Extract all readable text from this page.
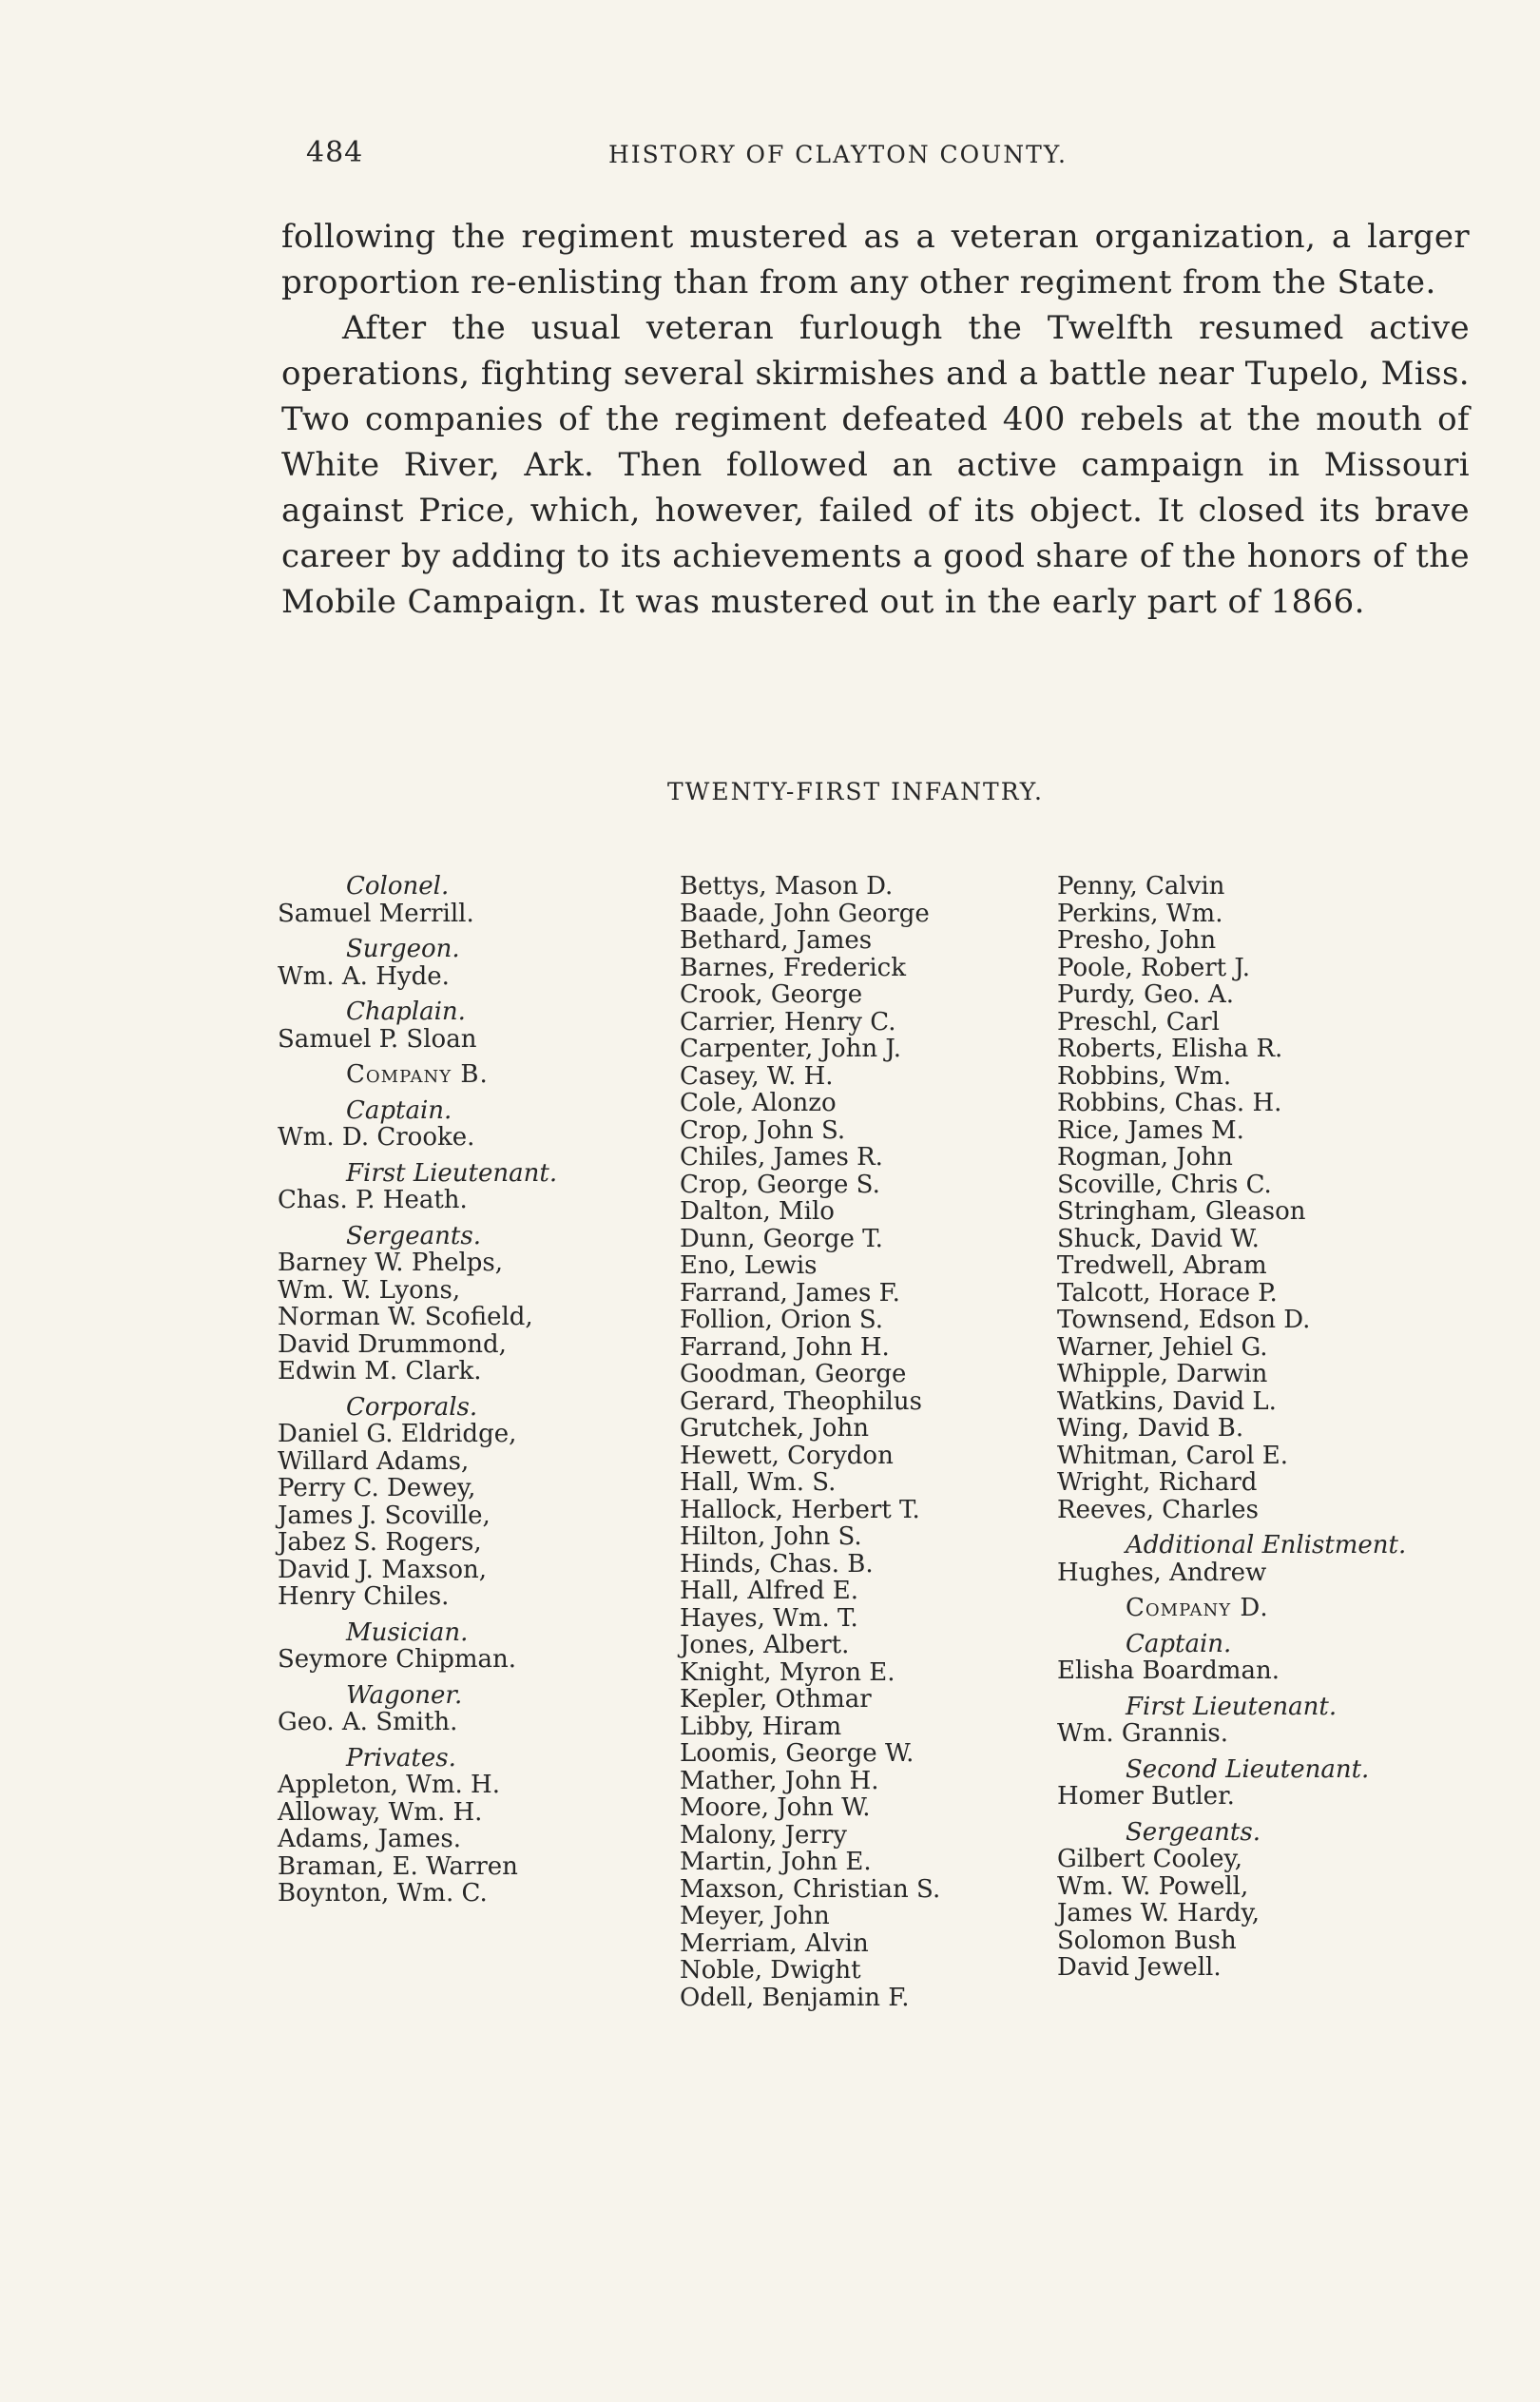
484	HISTORY OF CLAYTON COUNTY.

following the regiment mustered as a veteran organization, a larger proportion re-enlisting than from any other regiment from the State.

After the usual veteran furlough the Twelfth resumed active operations, fighting several skirmishes and a battle near Tupelo, Miss. Two companies of the regiment defeated 400 rebels at the mouth of White River, Ark. Then followed an active campaign in Missouri against Price, which, however, failed of its object. It closed its brave career by adding to its achievements a good share of the honors of the Mobile Campaign. It was mustered out in the early part of 1866.

TWENTY-FIRST INFANTRY.
Colonel.
Samuel Merrill.
Surgeon.
Wm. A. Hyde.
Chaplain.
Samuel P. Sloan
Company B.
Captain.
Wm. D. Crooke.
First Lieutenant.
Chas. P. Heath.
Sergeants.
Barney W. Phelps,
Wm. W. Lyons,
Norman W. Scofield,
David Drummond,
Edwin M. Clark.
Corporals.
Daniel G. Eldridge,
Willard Adams,
Perry C. Dewey,
James J. Scoville,
Jabez S. Rogers,
David J. Maxson,
Henry Chiles.
Musician.
Seymore Chipman.
Wagoner.
Geo. A. Smith.
Privates.
Appleton, Wm. H.
Alloway, Wm. H.
Adams, James.
Braman, E. Warren
Boynton, Wm. C.
Bettys, Mason D.
Baade, John George
Bethard, James
Barnes, Frederick
Crook, George
Carrier, Henry C.
Carpenter, John J.
Casey, W. H.
Cole, Alonzo
Crop, John S.
Chiles, James R.
Crop, George S.
Dalton, Milo
Dunn, George T.
Eno, Lewis
Farrand, James F.
Follion, Orion S.
Farrand, John H.
Goodman, George
Gerard, Theophilus
Grutchek, John
Hewett, Corydon
Hall, Wm. S.
Hallock, Herbert T.
Hilton, John S.
Hinds, Chas. B.
Hall, Alfred E.
Hayes, Wm. T.
Jones, Albert.
Knight, Myron E.
Kepler, Othmar
Libby, Hiram
Loomis, George W.
Mather, John H.
Moore, John W.
Malony, Jerry
Martin, John E.
Maxson, Christian S.
Meyer, John
Merriam, Alvin
Noble, Dwight
Odell, Benjamin F.
Penny, Calvin
Perkins, Wm.
Presho, John
Poole, Robert J.
Purdy, Geo. A.
Preschl, Carl
Roberts, Elisha R.
Robbins, Wm.
Robbins, Chas. H.
Rice, James M.
Rogman, John
Scoville, Chris C.
Stringham, Gleason
Shuck, David W.
Tredwell, Abram
Talcott, Horace P.
Townsend, Edson D.
Warner, Jehiel G.
Whipple, Darwin
Watkins, David L.
Wing, David B.
Whitman, Carol E.
Wright, Richard
Reeves, Charles
Additional Enlistment.
Hughes, Andrew
Company D.
Captain.
Elisha Boardman.
First Lieutenant.
Wm. Grannis.
Second Lieutenant.
Homer Butler.
Sergeants.
Gilbert Cooley,
Wm. W. Powell,
James W. Hardy,
Solomon Bush
David Jewell.
